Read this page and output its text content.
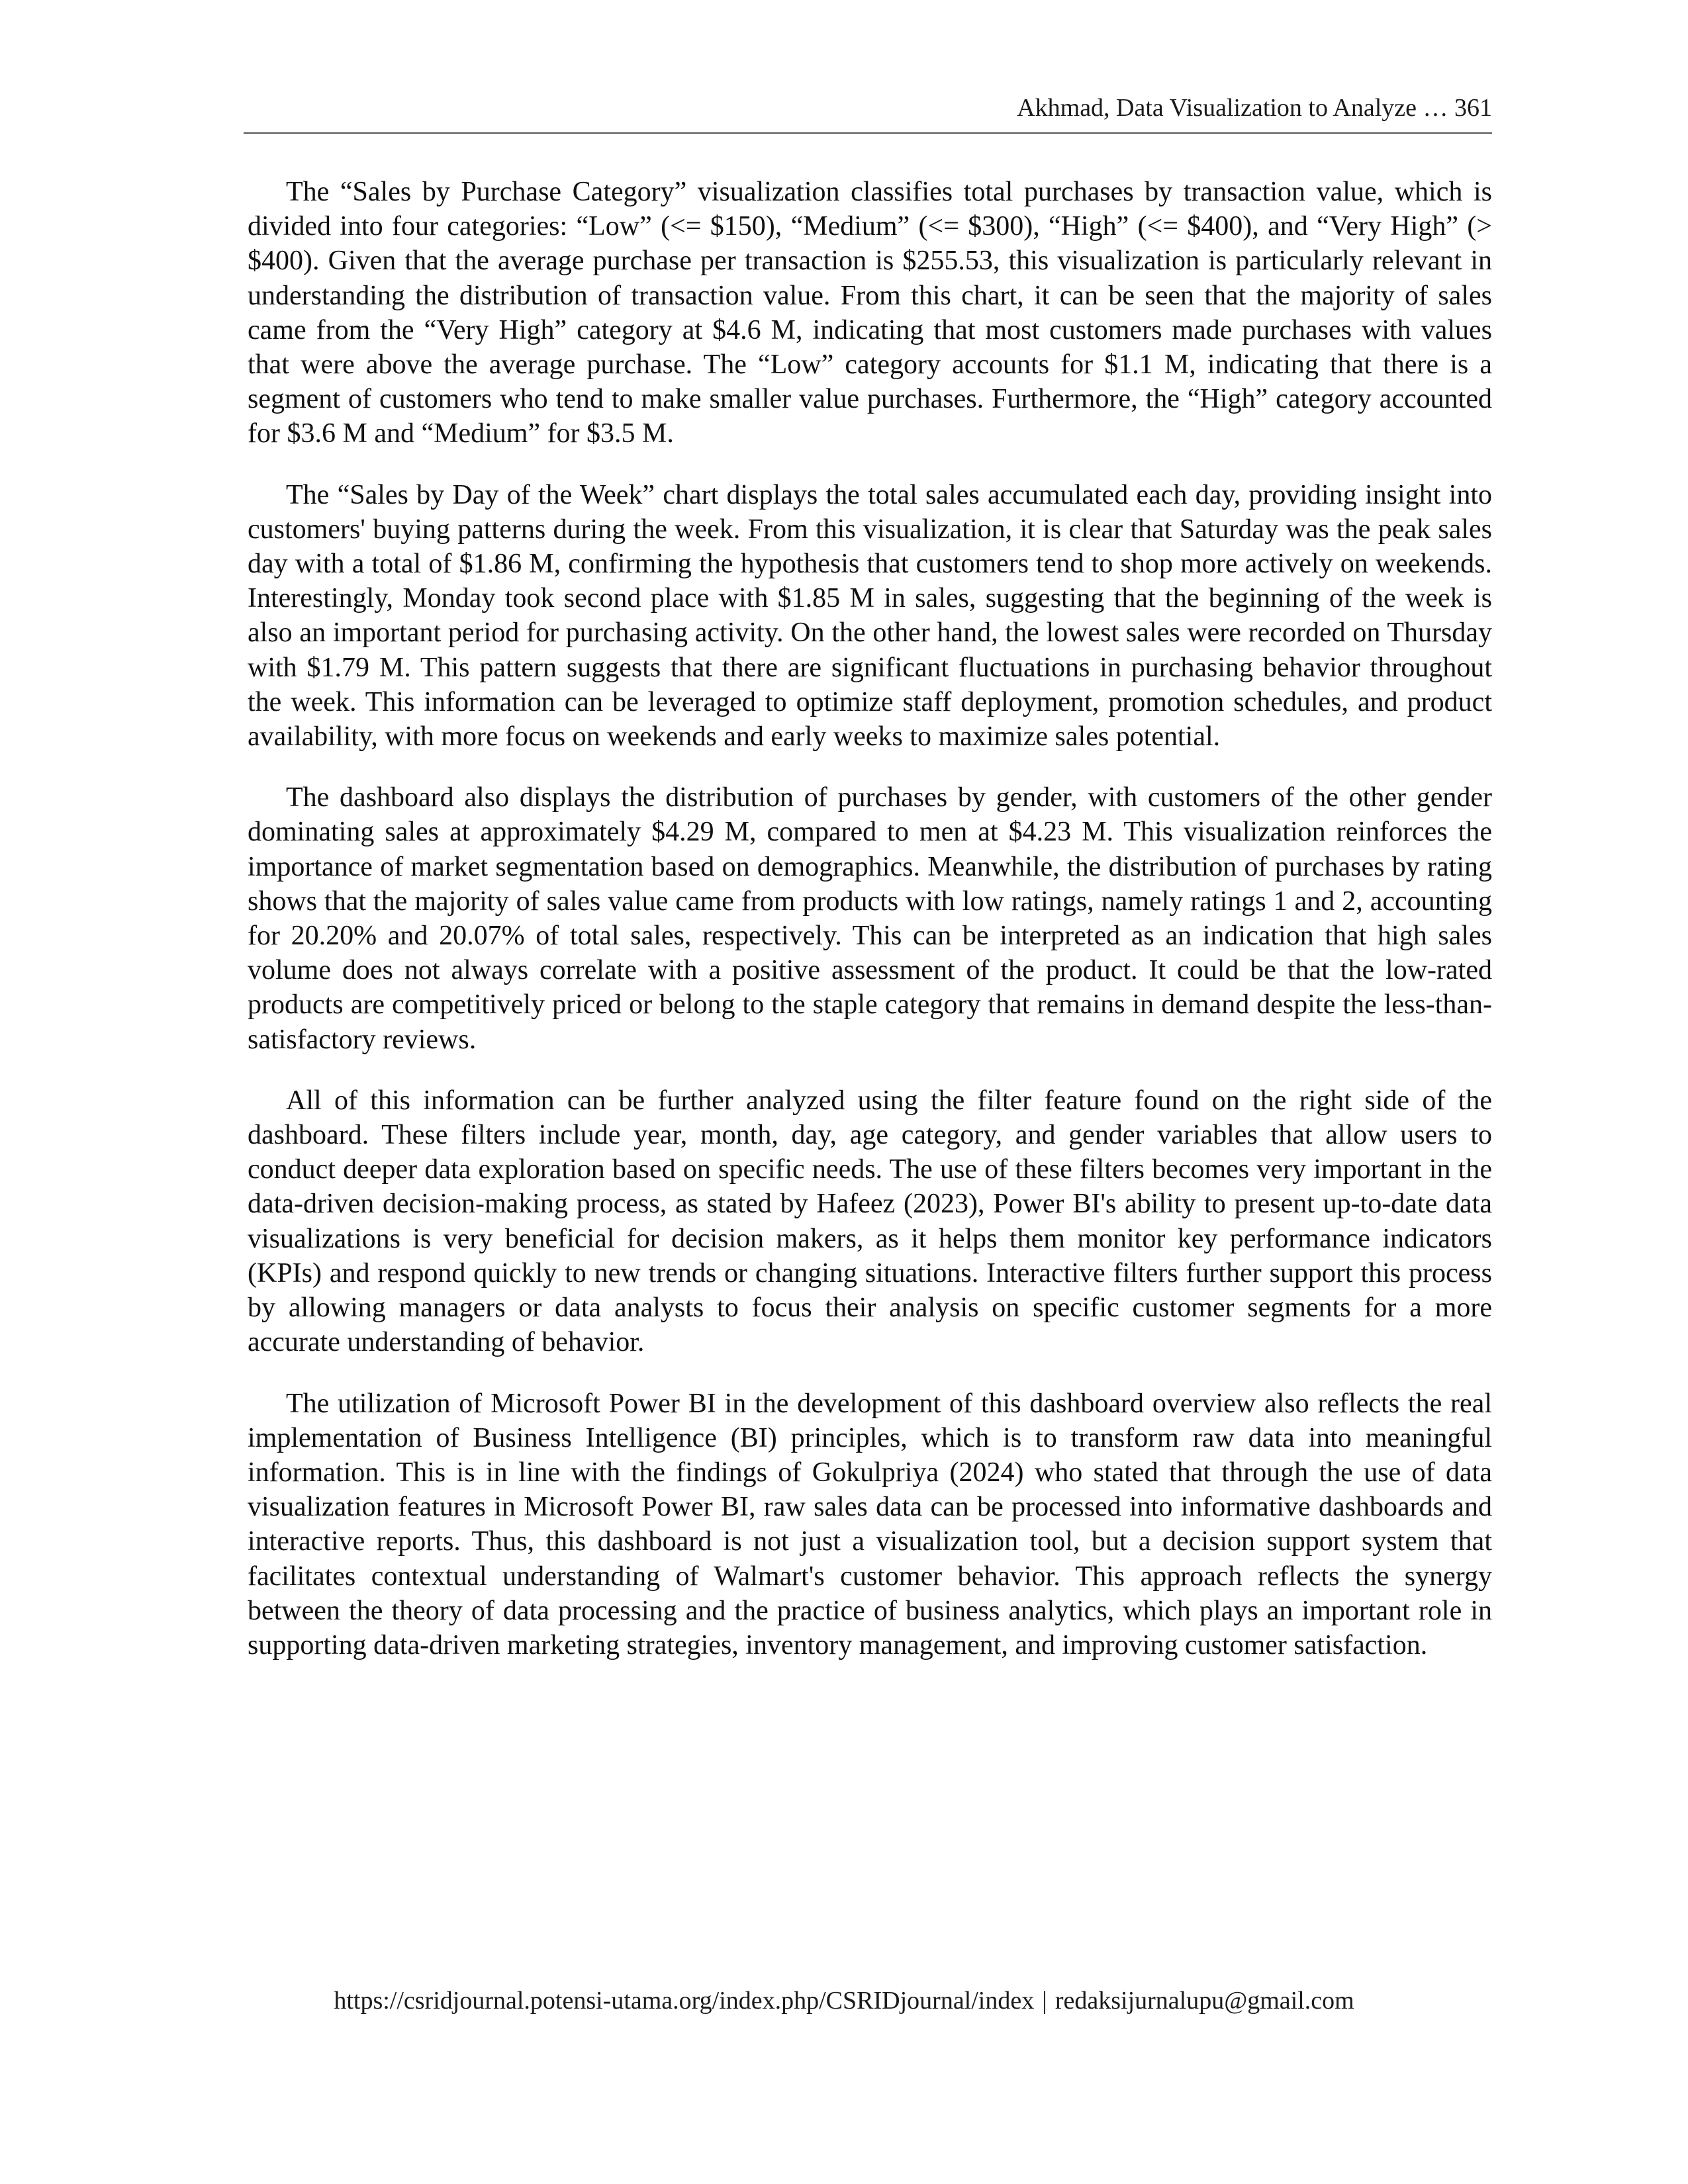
Akhmad, Data Visualization to Analyze … 361

The “Sales by Purchase Category” visualization classifies total purchases by transaction value, which is divided into four categories: “Low” (<= $150), “Medium” (<= $300), “High” (<= $400), and “Very High” (> $400). Given that the average purchase per transaction is $255.53, this visualization is particularly relevant in understanding the distribution of transaction value. From this chart, it can be seen that the majority of sales came from the “Very High” category at $4.6 M, indicating that most customers made purchases with values that were above the average purchase. The “Low” category accounts for $1.1 M, indicating that there is a segment of customers who tend to make smaller value purchases. Furthermore, the “High” category accounted for $3.6 M and “Medium” for $3.5 M.

The “Sales by Day of the Week” chart displays the total sales accumulated each day, providing insight into customers' buying patterns during the week. From this visualization, it is clear that Saturday was the peak sales day with a total of $1.86 M, confirming the hypothesis that customers tend to shop more actively on weekends. Interestingly, Monday took second place with $1.85 M in sales, suggesting that the beginning of the week is also an important period for purchasing activity. On the other hand, the lowest sales were recorded on Thursday with $1.79 M. This pattern suggests that there are significant fluctuations in purchasing behavior throughout the week. This information can be leveraged to optimize staff deployment, promotion schedules, and product availability, with more focus on weekends and early weeks to maximize sales potential.

The dashboard also displays the distribution of purchases by gender, with customers of the other gender dominating sales at approximately $4.29 M, compared to men at $4.23 M. This visualization reinforces the importance of market segmentation based on demographics. Meanwhile, the distribution of purchases by rating shows that the majority of sales value came from products with low ratings, namely ratings 1 and 2, accounting for 20.20% and 20.07% of total sales, respectively. This can be interpreted as an indication that high sales volume does not always correlate with a positive assessment of the product. It could be that the low-rated products are competitively priced or belong to the staple category that remains in demand despite the less-than-satisfactory reviews.

All of this information can be further analyzed using the filter feature found on the right side of the dashboard. These filters include year, month, day, age category, and gender variables that allow users to conduct deeper data exploration based on specific needs. The use of these filters becomes very important in the data-driven decision-making process, as stated by Hafeez (2023), Power BI's ability to present up-to-date data visualizations is very beneficial for decision makers, as it helps them monitor key performance indicators (KPIs) and respond quickly to new trends or changing situations. Interactive filters further support this process by allowing managers or data analysts to focus their analysis on specific customer segments for a more accurate understanding of behavior.

The utilization of Microsoft Power BI in the development of this dashboard overview also reflects the real implementation of Business Intelligence (BI) principles, which is to transform raw data into meaningful information. This is in line with the findings of Gokulpriya (2024) who stated that through the use of data visualization features in Microsoft Power BI, raw sales data can be processed into informative dashboards and interactive reports. Thus, this dashboard is not just a visualization tool, but a decision support system that facilitates contextual understanding of Walmart's customer behavior. This approach reflects the synergy between the theory of data processing and the practice of business analytics, which plays an important role in supporting data-driven marketing strategies, inventory management, and improving customer satisfaction.

https://csridjournal.potensi-utama.org/index.php/CSRIDjournal/index | redaksijurnalupu@gmail.com
